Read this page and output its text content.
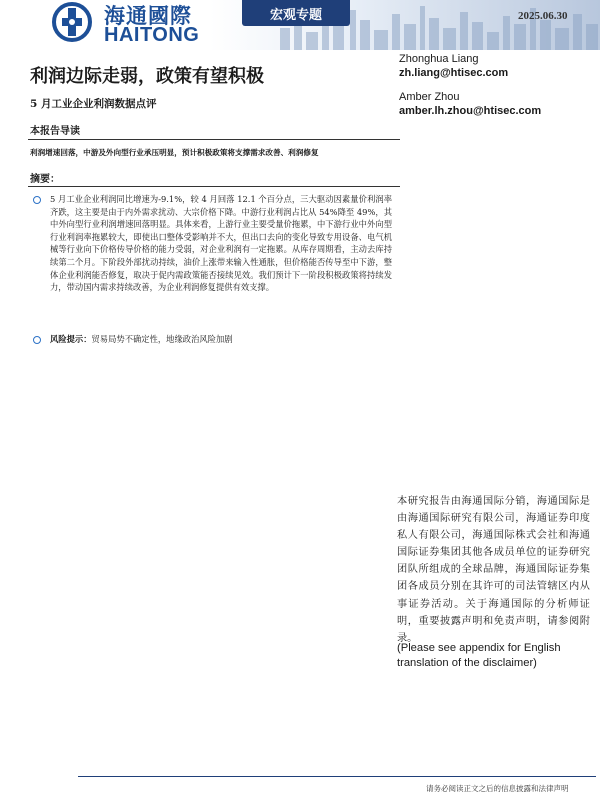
海通國際
HAITONG
宏观专题	2025.06.30
利润边际走弱，政策有望积极
5 月工业企业利润数据点评
本报告导读
利润增速回落，中游及外向型行业承压明显，预计积极政策将支撑需求改善、利润修复
摘要：
5 月工业企业利润同比增速为-9.1%，较 4 月回落 12.1 个百分点，三大驱动因素量价利润率齐跌，这主要是由于内外需求扰动、大宗价格下降。中游行业利润占比从 54%降至 49%，其中外向型行业利润增速回落明显。具体来看，上游行业主要受量价拖累，中下游行业中外向型行业利润率拖累较大，即使出口整体受影响并不大，但出口去向的变化导致专用设备、电气机械等行业向下价格传导价格的能力受弱，对企业利润有一定拖累。从库存周期看，主动去库持续第二个月。下阶段外部扰动持续，油价上涨带来输入性通胀，但价格能否传导至中下游，整体企业利润能否修复，取决于促内需政策能否接续见效。我们预计下一阶段积极政策将持续发力，带动国内需求持续改善，为企业利润修复提供有效支撑。
风险提示：贸易局势不确定性，地缘政治风险加剧
Zhonghua Liang
zh.liang@htisec.com
Amber Zhou
amber.lh.zhou@htisec.com
本研究报告由海通国际分销，海通国际是由海通国际研究有限公司，海通证券印度私人有限公司，海通国际株式会社和海通国际证券集团其他各成员单位的证券研究团队所组成的全球品牌，海通国际证券集团各成员分别在其许可的司法管辖区内从事证券活动。关于海通国际的分析师证明，重要披露声明和免责声明，请参阅附录。
(Please see appendix for English translation of the disclaimer)
请务必阅读正文之后的信息披露和法律声明
